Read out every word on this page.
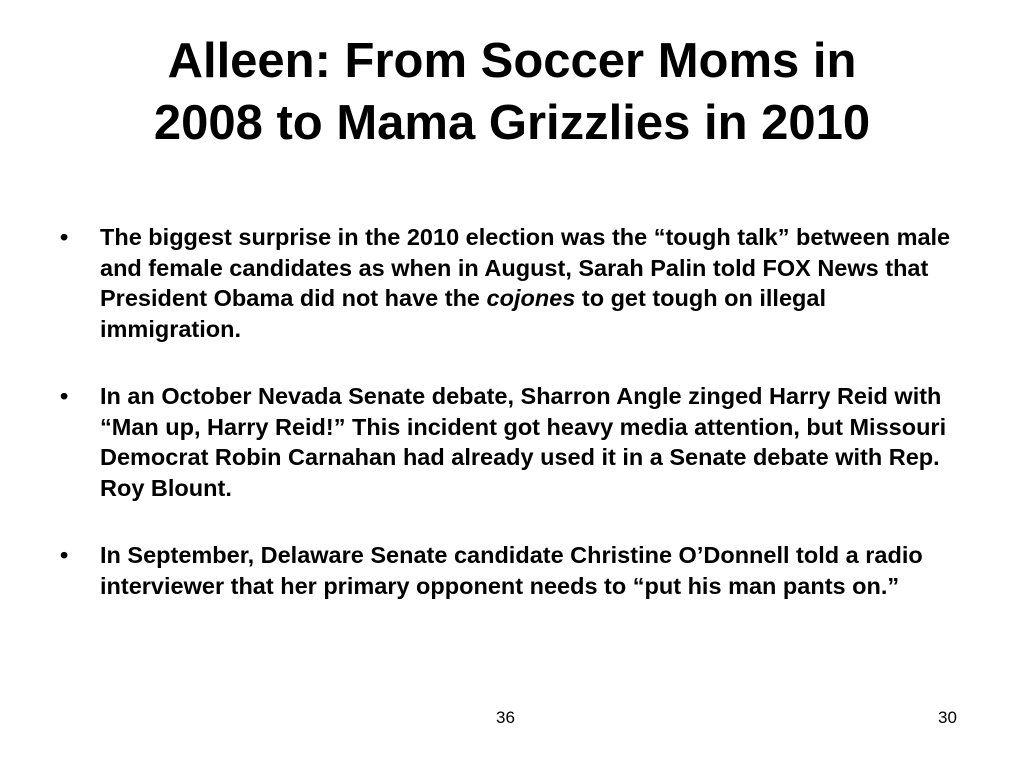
Alleen: From Soccer Moms in
2008 to Mama Grizzlies in 2010
• The biggest surprise in the 2010 election was the “tough talk” between male and female candidates as when in August, Sarah Palin told FOX News that President Obama did not have the cojones to get tough on illegal immigration.
• In an October Nevada Senate debate, Sharron Angle zinged Harry Reid with “Man up, Harry Reid!” This incident got heavy media attention, but Missouri Democrat Robin Carnahan had already used it in a Senate debate with Rep. Roy Blount.
• In September, Delaware Senate candidate Christine O’Donnell told a radio interviewer that her primary opponent needs to “put his man pants on.”
36	30
